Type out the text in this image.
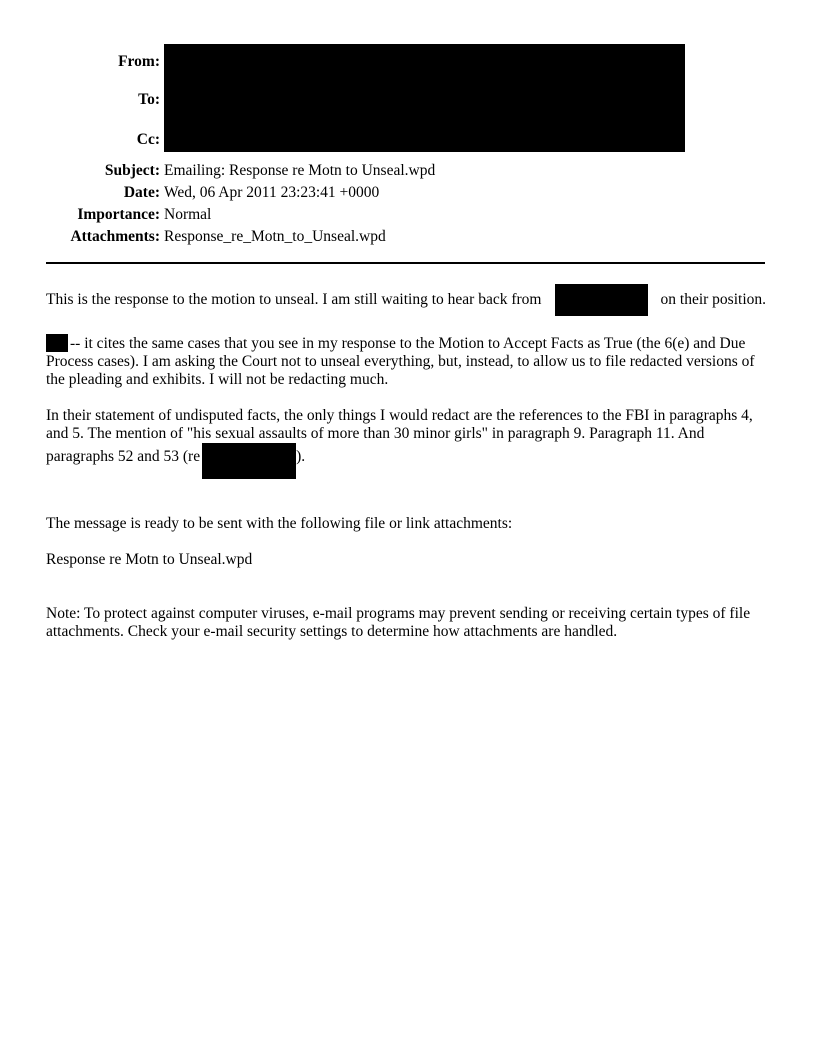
From:
To:
Cc:
Subject: Emailing: Response re Motn to Unseal.wpd
Date: Wed, 06 Apr 2011 23:23:41 +0000
Importance: Normal
Attachments: Response_re_Motn_to_Unseal.wpd
This is the response to the motion to unseal. I am still waiting to hear back from	on their position.

-- it cites the same cases that you see in my response to the Motion to Accept Facts as True (the 6(e) and Due Process cases). I am asking the Court not to unseal everything, but, instead, to allow us to file redacted versions of the pleading and exhibits. I will not be redacting much.

In their statement of undisputed facts, the only things I would redact are the references to the FBI in paragraphs 4, and 5. The mention of "his sexual assaults of more than 30 minor girls" in paragraph 9. Paragraph 11. And paragraphs 52 and 53 (re	).

The message is ready to be sent with the following file or link attachments:

Response re Motn to Unseal.wpd

Note: To protect against computer viruses, e-mail programs may prevent sending or receiving certain types of file attachments. Check your e-mail security settings to determine how attachments are handled.
